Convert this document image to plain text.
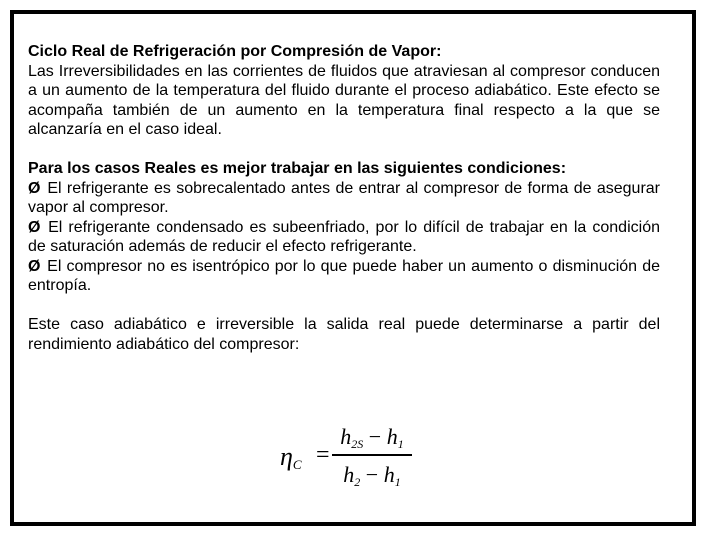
Ciclo Real de Refrigeración por Compresión de Vapor:

Las Irreversibilidades en las corrientes de fluidos que atraviesan al compresor conducen a un aumento de la temperatura del fluido durante el proceso adiabático. Este efecto se acompaña también de un aumento en la temperatura final respecto a la que se alcanzaría en el caso ideal.

Para los casos Reales es mejor trabajar en las siguientes condiciones:

Ø El refrigerante es sobrecalentado antes de entrar al compresor de forma de asegurar vapor al compresor.

Ø El refrigerante condensado es subeenfriado, por lo difícil de trabajar en la condición de saturación además de reducir el efecto refrigerante.

Ø El compresor no es isentrópico por lo que puede haber un aumento o disminución de entropía.

Este caso adiabático e irreversible la salida real puede determinarse a partir del rendimiento adiabático del compresor:

$\eta_C$ =
$h_{2S} - h_1$
$h_2 - h_1$
